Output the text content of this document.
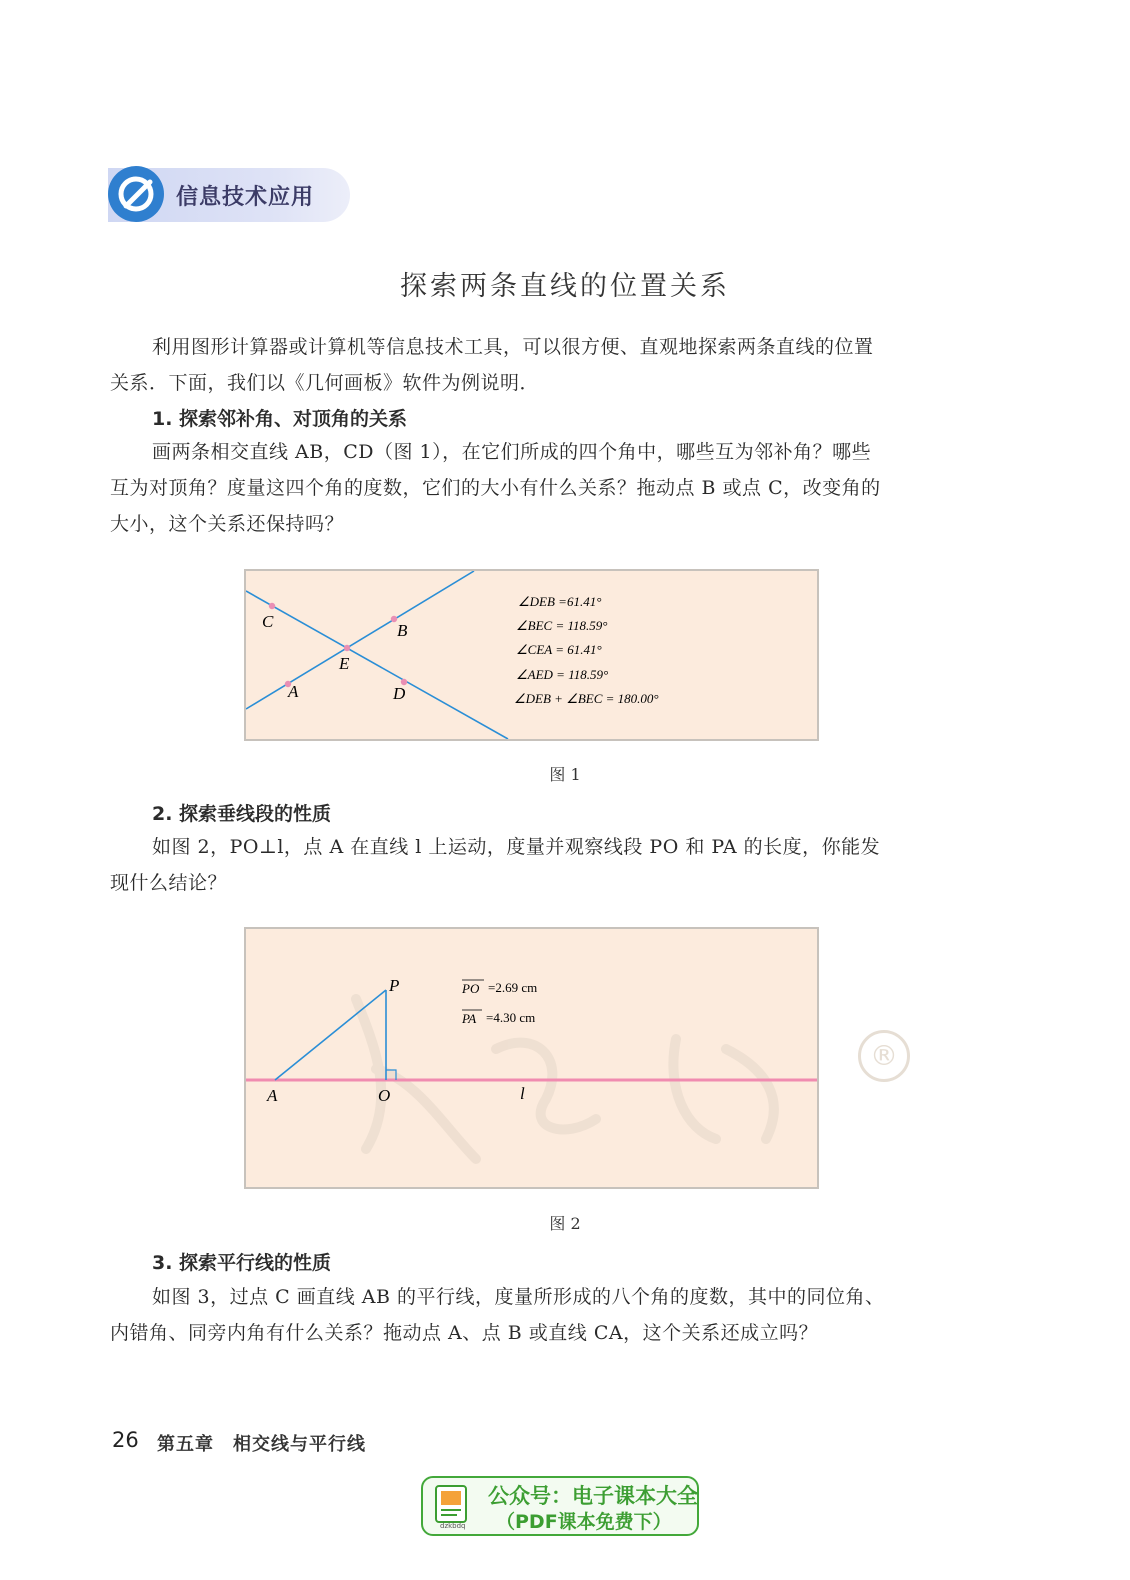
信息技术应用
探索两条直线的位置关系
利用图形计算器或计算机等信息技术工具，可以很方便、直观地探索两条直线的位置
关系．下面，我们以《几何画板》软件为例说明．
1. 探索邻补角、对顶角的关系
画两条相交直线 AB，CD（图 1），在它们所成的四个角中，哪些互为邻补角？哪些
互为对顶角？度量这四个角的度数，它们的大小有什么关系？拖动点 B 或点 C，改变角的
大小，这个关系还保持吗？
C	B
E
A	D
∠DEB =61.41°
∠BEC = 118.59°
∠CEA = 61.41°
∠AED = 118.59°
∠DEB + ∠BEC = 180.00°
图 1
2. 探索垂线段的性质
如图 2，PO⊥l，点 A 在直线 l 上运动，度量并观察线段 PO 和 PA 的长度，你能发
现什么结论？
P
A	O	l
PO =2.69 cm
PA =4.30 cm
®
图 2
3. 探索平行线的性质
如图 3，过点 C 画直线 AB 的平行线，度量所形成的八个角的度数，其中的同位角、
内错角、同旁内角有什么关系？拖动点 A、点 B 或直线 CA，这个关系还成立吗？
26 第五章　相交线与平行线
dzkbdq
公众号：电子课本大全
（PDF课本免费下）
